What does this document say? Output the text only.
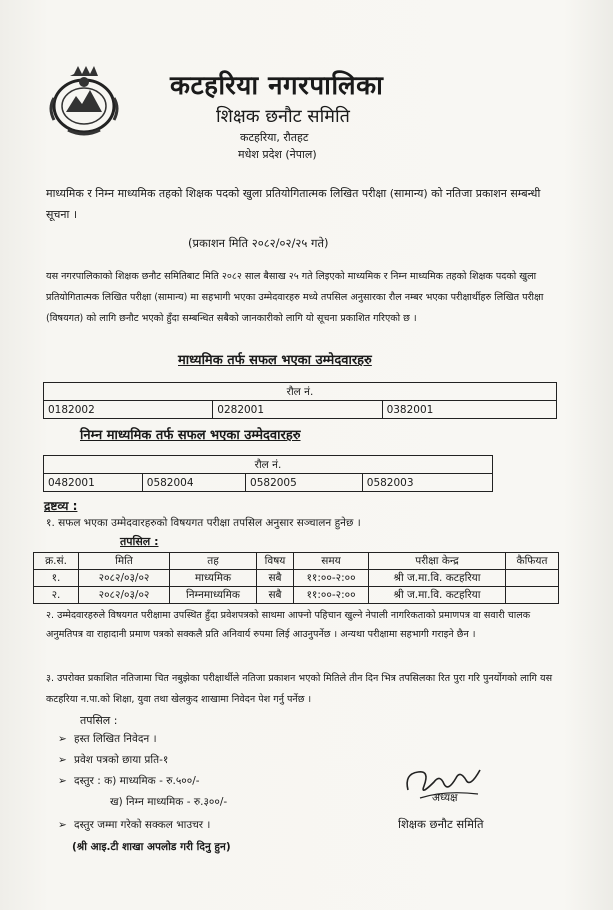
कटहरिया नगरपालिका
शिक्षक छनौट समिति
कटहरिया, रौतहट
मधेश प्रदेश (नेपाल)
माध्यमिक र निम्न माध्यमिक तहको शिक्षक पदको खुला प्रतियोगितात्मक लिखित परीक्षा (सामान्य) को नतिजा प्रकाशन सम्बन्धी सूचना ।
(प्रकाशन मिति २०८२/०२/२५ गते)
यस नगरपालिकाको शिक्षक छनौट समितिबाट मिति २०८२ साल बैसाख २५ गते लिइएको माध्यमिक र निम्न माध्यमिक तहको शिक्षक पदको खुला प्रतियोगितात्मक लिखित परीक्षा (सामान्य) मा सहभागी भएका उम्मेदवारहरु मध्ये तपसिल अनुसारका रौल नम्बर भएका परीक्षार्थीहरु लिखित परीक्षा (विषयगत) को लागि छनौट भएको हुँदा सम्बन्धित सबैको जानकारीको लागि यो सूचना प्रकाशित गरिएको छ ।
माध्यमिक तर्फ सफल भएका उम्मेदवारहरु
रौल नं.
0182002	0282001	0382001
निम्न माध्यमिक तर्फ सफल भएका उम्मेदवारहरु
रौल नं.
0482001	0582004	0582005	0582003
द्रष्टव्य :
१. सफल भएका उम्मेदवारहरुको विषयगत परीक्षा तपसिल अनुसार सञ्चालन हुनेछ ।
तपसिल :
क्र.सं.	मिति	तह	विषय	समय	परीक्षा केन्द्र	कैफियत
१.	२०८२/०३/०२	माध्यमिक	सबै	११:००-२:००	श्री ज.मा.वि. कटहरिया	
२.	२०८२/०३/०२	निम्नमाध्यमिक	सबै	११:००-२:००	श्री ज.मा.वि. कटहरिया	
२. उम्मेदवारहरुले विषयगत परीक्षामा उपस्थित हुँदा प्रवेशपत्रको साथमा आफ्नो पहिचान खुल्ने नेपाली नागरिकताको प्रमाणपत्र वा सवारी चालक अनुमतिपत्र वा राहादानी प्रमाण पत्रको सक्कलै प्रति अनिवार्य रुपमा लिई आउनुपर्नेछ । अन्यथा परीक्षामा सहभागी गराइने छैन ।
३. उपरोक्त प्रकाशित नतिजामा चित नबुझेका परीक्षार्थीले नतिजा प्रकाशन भएको मितिले तीन दिन भित्र तपसिलका रित पुरा गरि पुनर्योगको लागि यस कटहरिया न.पा.को शिक्षा, युवा तथा खेलकुद शाखामा निवेदन पेश गर्नु पर्नेछ ।
तपसिल :
➢ हस्त लिखित निवेदन ।
➢ प्रवेश पत्रको छाया प्रति-१
➢ दस्तुर : क) माध्यमिक - रु.५००/-
ख) निम्न माध्यमिक - रु.३००/-
➢ दस्तुर जम्मा गरेको सक्कल भाउचर ।
(श्री आइ.टी शाखा अपलोड गरी दिनु हुन)
अध्यक्ष
शिक्षक छनौट समिति
